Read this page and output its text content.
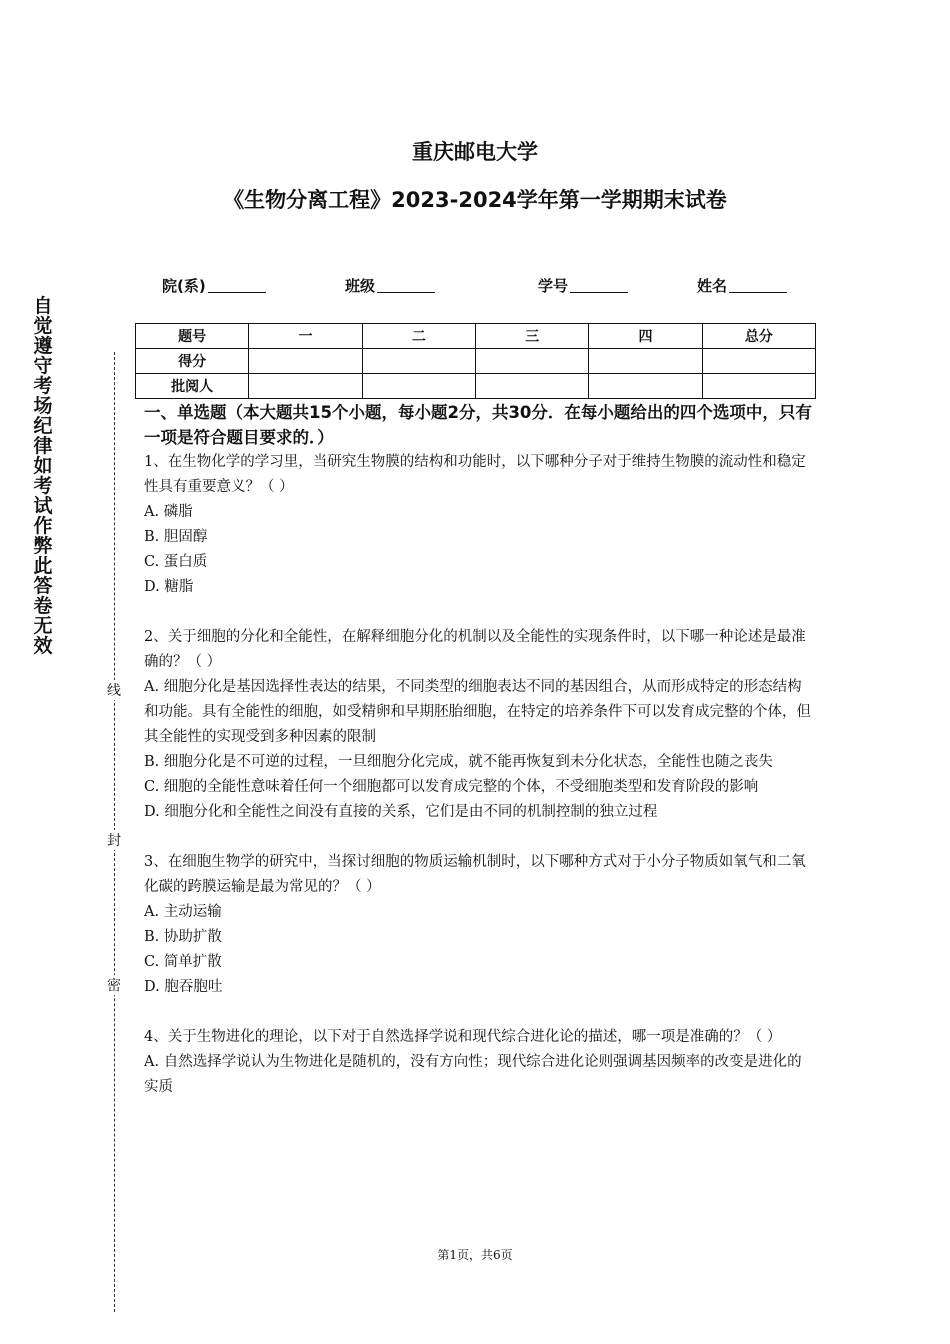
自觉遵守考场纪律如考试作弊此答卷无效
线
封
密
重庆邮电大学
《生物分离工程》2023-2024学年第一学期期末试卷
院(系)	班级	学号	姓名
题号	一	二	三	四	总分
得分					
批阅人					

一、单选题（本大题共15个小题，每小题2分，共30分．在每小题给出的四个选项中，只有一项是符合题目要求的．）

1、在生物化学的学习里，当研究生物膜的结构和功能时，以下哪种分子对于维持生物膜的流动性和稳定性具有重要意义？（ ）

A. 磷脂

B. 胆固醇

C. 蛋白质

D. 糖脂

2、关于细胞的分化和全能性，在解释细胞分化的机制以及全能性的实现条件时，以下哪一种论述是最准确的？（ ）

A. 细胞分化是基因选择性表达的结果，不同类型的细胞表达不同的基因组合，从而形成特定的形态结构和功能。具有全能性的细胞，如受精卵和早期胚胎细胞，在特定的培养条件下可以发育成完整的个体，但其全能性的实现受到多种因素的限制

B. 细胞分化是不可逆的过程，一旦细胞分化完成，就不能再恢复到未分化状态，全能性也随之丧失

C. 细胞的全能性意味着任何一个细胞都可以发育成完整的个体，不受细胞类型和发育阶段的影响

D. 细胞分化和全能性之间没有直接的关系，它们是由不同的机制控制的独立过程

3、在细胞生物学的研究中，当探讨细胞的物质运输机制时，以下哪种方式对于小分子物质如氧气和二氧化碳的跨膜运输是最为常见的？（ ）

A. 主动运输

B. 协助扩散

C. 简单扩散

D. 胞吞胞吐

4、关于生物进化的理论，以下对于自然选择学说和现代综合进化论的描述，哪一项是准确的？（ ）

A. 自然选择学说认为生物进化是随机的，没有方向性；现代综合进化论则强调基因频率的改变是进化的实质

第1页，共6页
